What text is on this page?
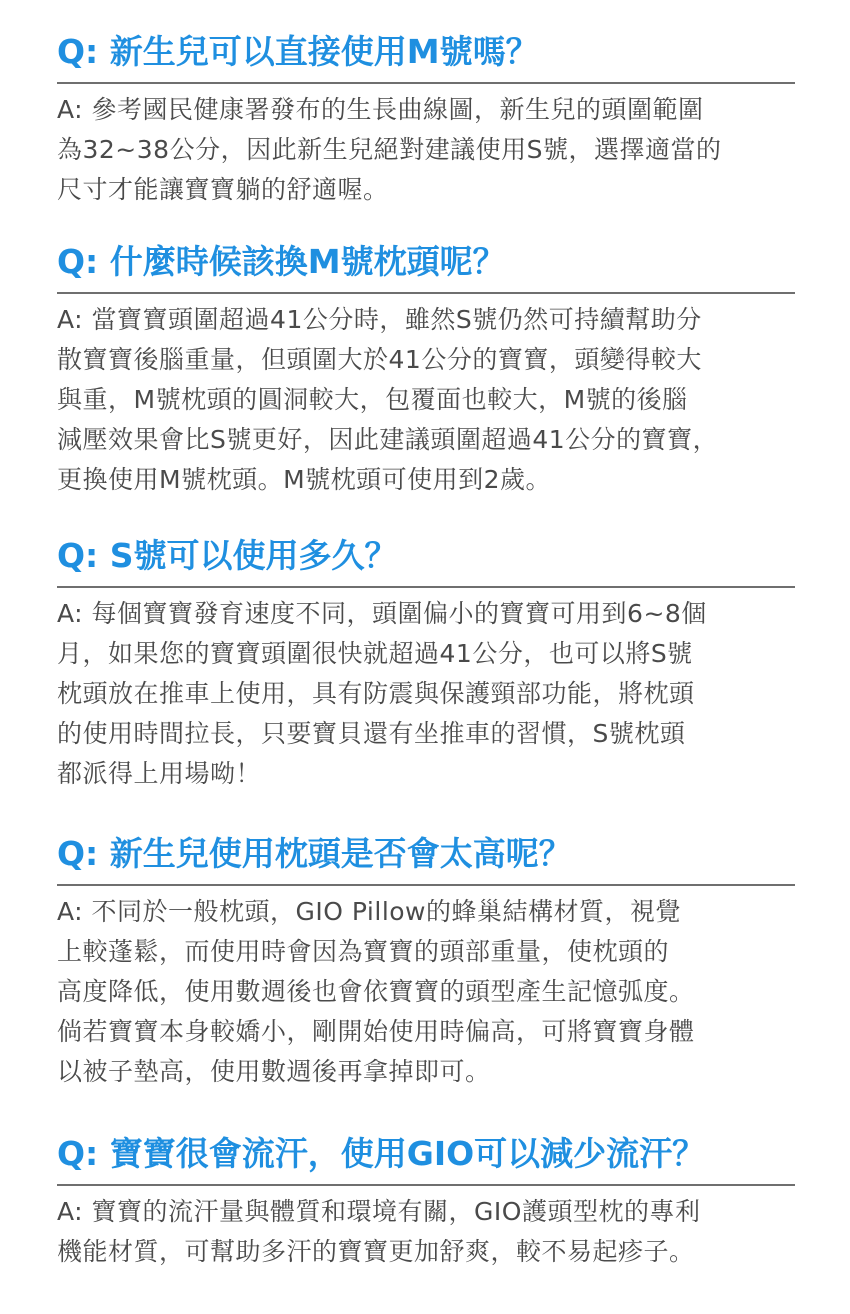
Q: 新生兒可以直接使用M號嗎？

A: 參考國民健康署發布的生長曲線圖，新生兒的頭圍範圍
為32~38公分，因此新生兒絕對建議使用S號，選擇適當的
尺寸才能讓寶寶躺的舒適喔。

Q: 什麼時候該換M號枕頭呢？

A: 當寶寶頭圍超過41公分時，雖然S號仍然可持續幫助分
散寶寶後腦重量，但頭圍大於41公分的寶寶，頭變得較大
與重，M號枕頭的圓洞較大，包覆面也較大，M號的後腦
減壓效果會比S號更好，因此建議頭圍超過41公分的寶寶，
更換使用M號枕頭。M號枕頭可使用到2歲。

Q: S號可以使用多久？

A: 每個寶寶發育速度不同，頭圍偏小的寶寶可用到6~8個
月，如果您的寶寶頭圍很快就超過41公分，也可以將S號
枕頭放在推車上使用，具有防震與保護頸部功能，將枕頭
的使用時間拉長，只要寶貝還有坐推車的習慣，S號枕頭
都派得上用場呦！

Q: 新生兒使用枕頭是否會太高呢？

A: 不同於一般枕頭，GIO Pillow的蜂巢結構材質，視覺
上較蓬鬆，而使用時會因為寶寶的頭部重量，使枕頭的
高度降低，使用數週後也會依寶寶的頭型產生記憶弧度。
倘若寶寶本身較嬌小，剛開始使用時偏高，可將寶寶身體
以被子墊高，使用數週後再拿掉即可。

Q: 寶寶很會流汗，使用GIO可以減少流汗？

A: 寶寶的流汗量與體質和環境有關，GIO護頭型枕的專利
機能材質，可幫助多汗的寶寶更加舒爽，較不易起疹子。
